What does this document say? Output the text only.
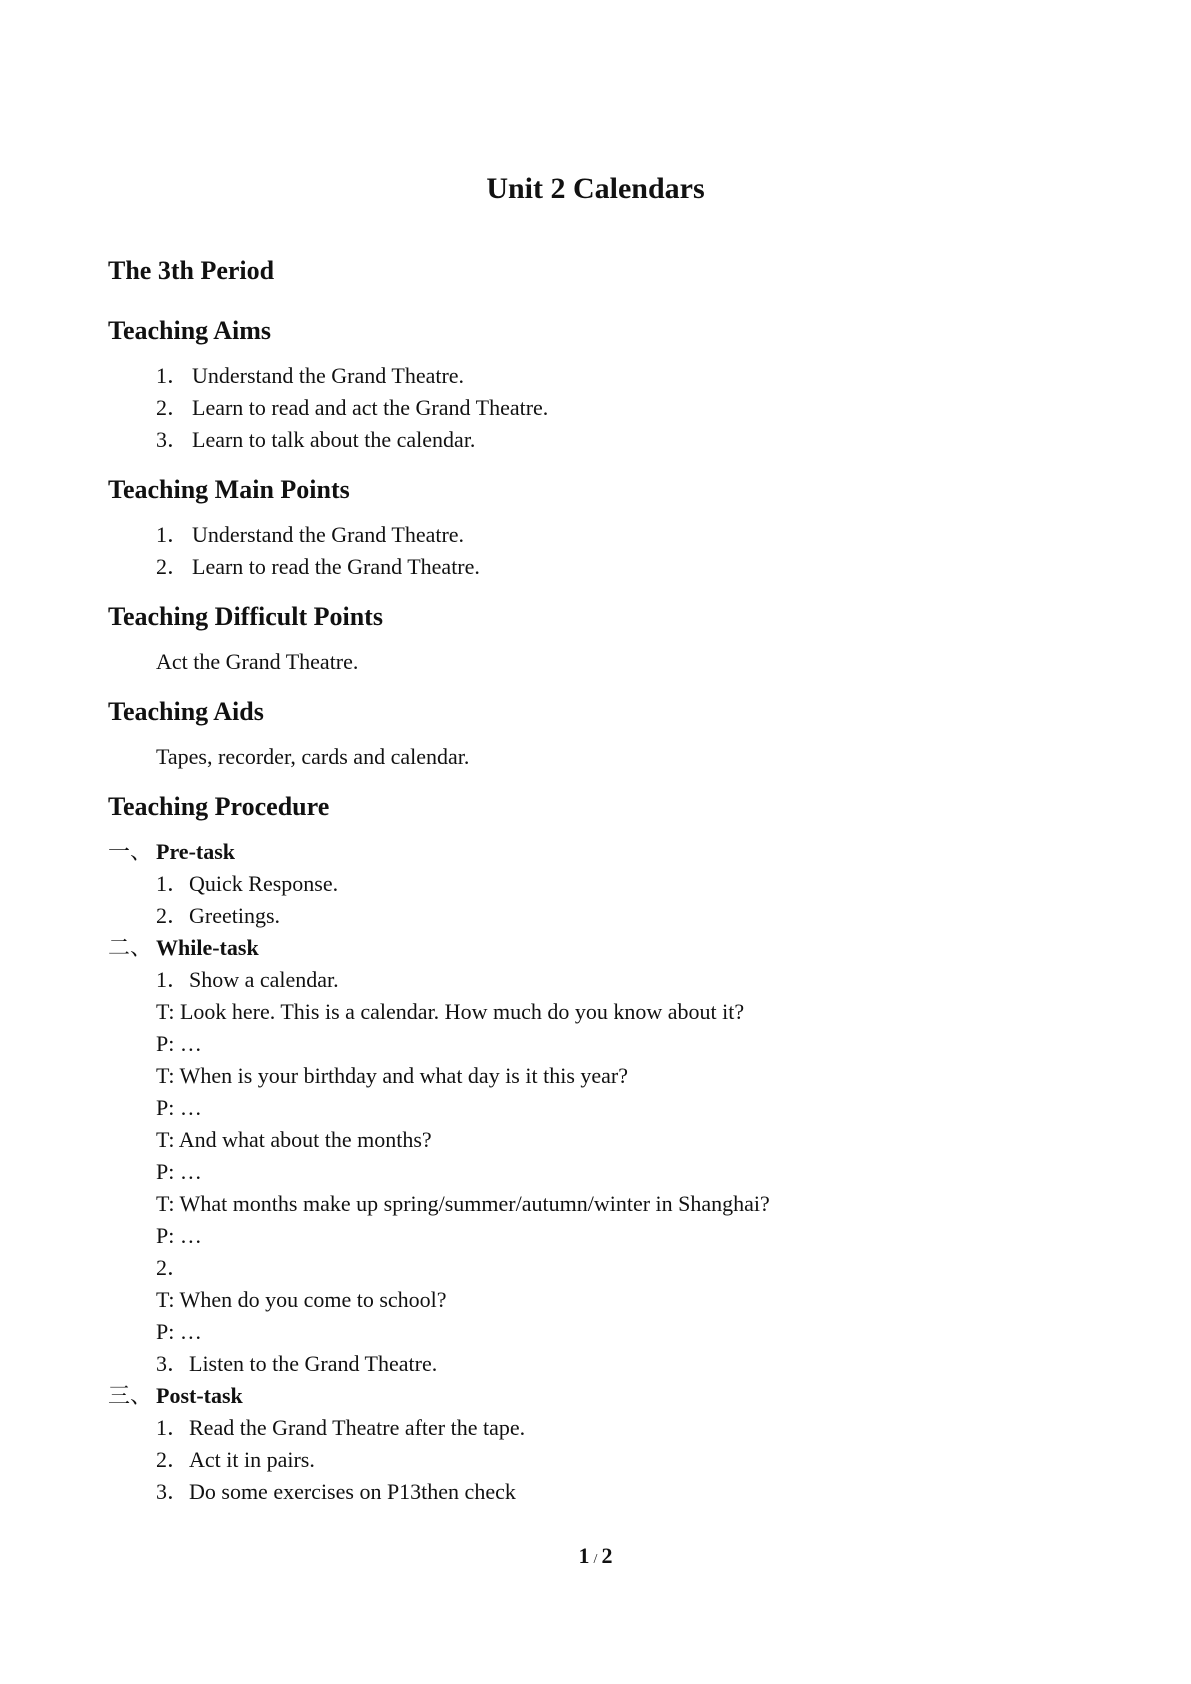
Unit 2 Calendars
The 3th Period
Teaching Aims
1． Understand the Grand Theatre.
2． Learn to read and act the Grand Theatre.
3． Learn to talk about the calendar.
Teaching Main Points
1． Understand the Grand Theatre.
2． Learn to read the Grand Theatre.
Teaching Difficult Points
Act the Grand Theatre.
Teaching Aids
Tapes, recorder, cards and calendar.
Teaching Procedure
一、 Pre-task
1．Quick Response.
2．Greetings.
二、 While-task
1．Show a calendar.
T: Look here. This is a calendar. How much do you know about it?
P: …
T: When is your birthday and what day is it this year?
P: …
T: And what about the months?
P: …
T: What months make up spring/summer/autumn/winter in Shanghai?
P: …
2．
T: When do you come to school?
P: …
3．Listen to the Grand Theatre.
三、 Post-task
1．Read the Grand Theatre after the tape.
2．Act it in pairs.
3．Do some exercises on P13then check
1 / 2
